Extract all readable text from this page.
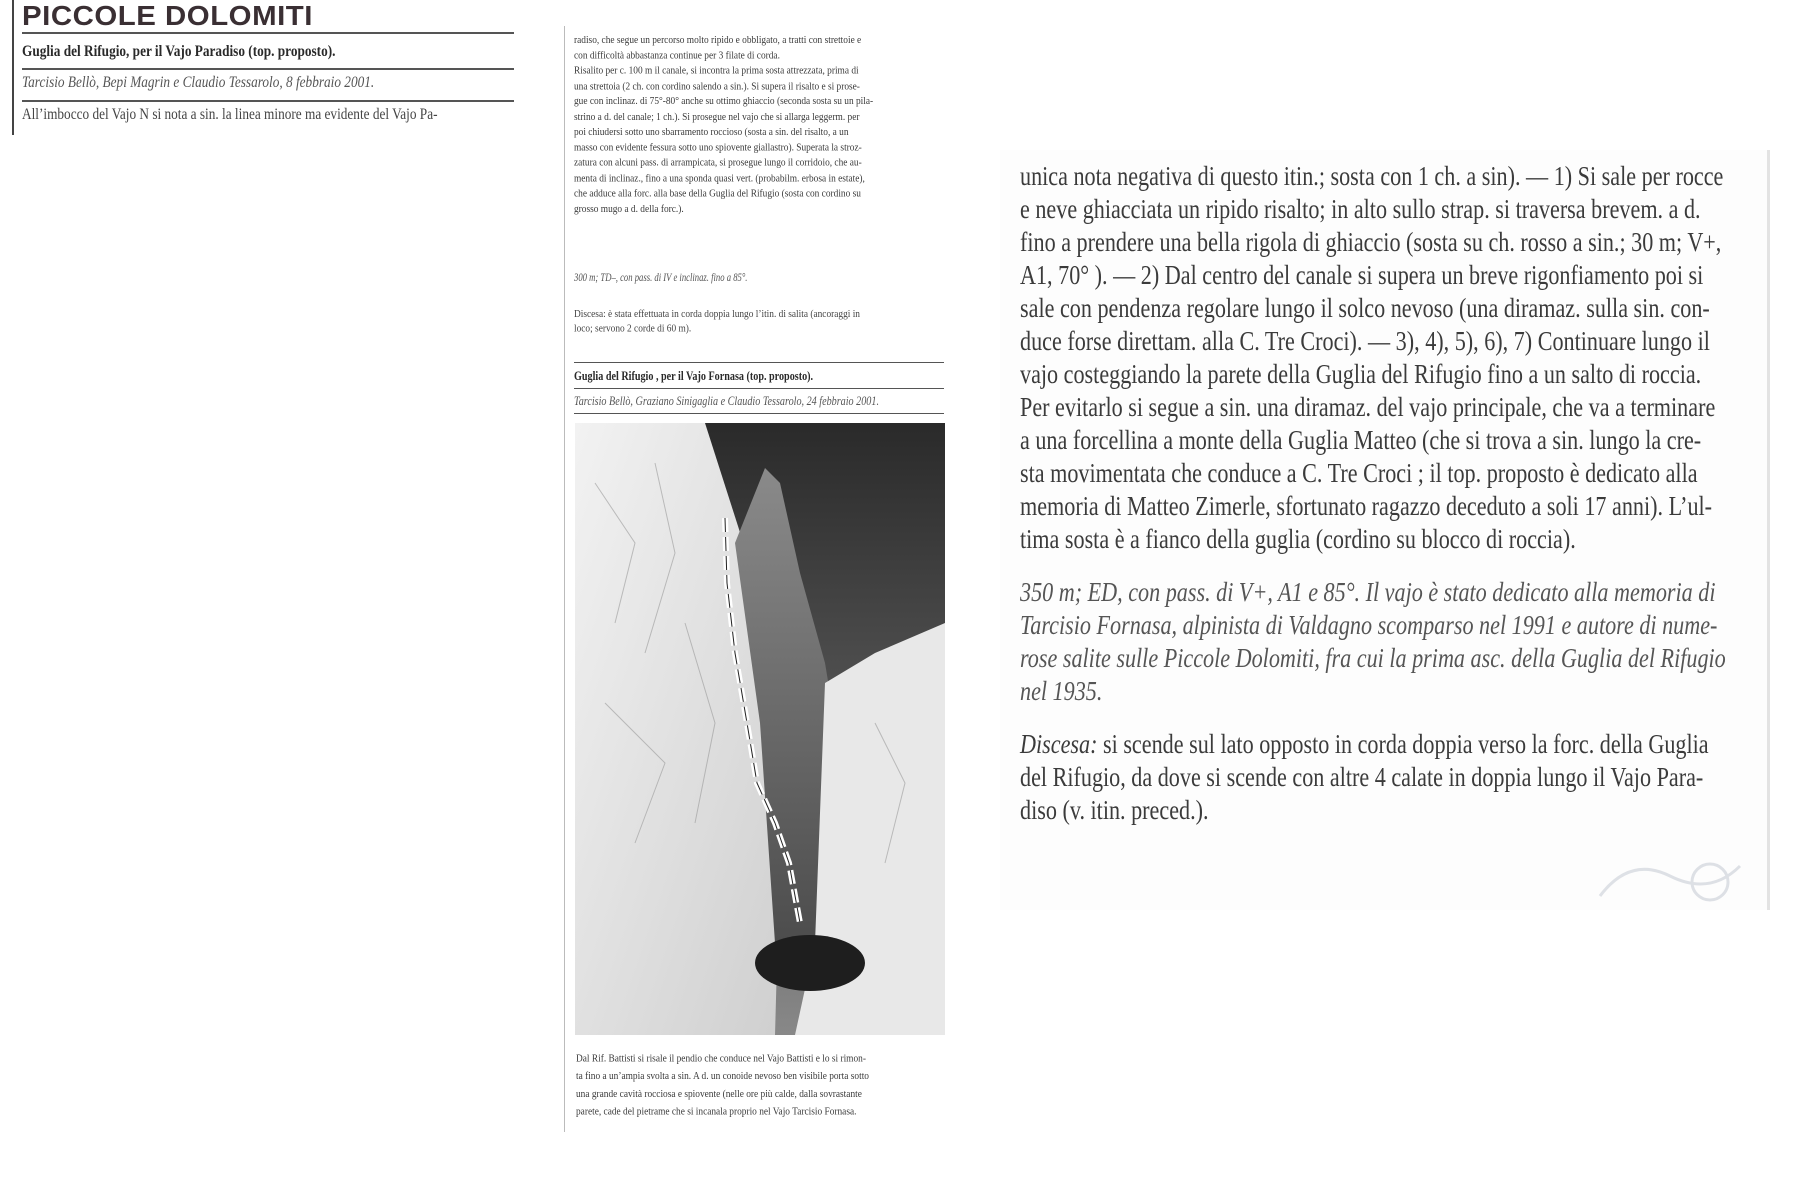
PICCOLE DOLOMITI
Guglia del Rifugio, per il Vajo Paradiso (top. proposto).
Tarcisio Bellò, Bepi Magrin e Claudio Tessarolo, 8 febbraio 2001.
All’imbocco del Vajo N si nota a sin. la linea minore ma evidente del Vajo Pa-
radiso, che segue un percorso molto ripido e obbligato, a tratti con strettoie e
con difficoltà abbastanza continue per 3 filate di corda.
Risalito per c. 100 m il canale, si incontra la prima sosta attrezzata, prima di
una strettoia (2 ch. con cordino salendo a sin.). Si supera il risalto e si prose-
gue con inclinaz. di 75°-80° anche su ottimo ghiaccio (seconda sosta su un pila-
strino a d. del canale; 1 ch.). Si prosegue nel vajo che si allarga leggerm. per
poi chiudersi sotto uno sbarramento roccioso (sosta a sin. del risalto, a un
masso con evidente fessura sotto uno spiovente giallastro). Superata la stroz-
zatura con alcuni pass. di arrampicata, si prosegue lungo il corridoio, che au-
menta di inclinaz., fino a una sponda quasi vert. (probabilm. erbosa in estate),
che adduce alla forc. alla base della Guglia del Rifugio (sosta con cordino su
grosso mugo a d. della forc.).
300 m; TD–, con pass. di IV e inclinaz. fino a 85°.
Discesa: è stata effettuata in corda doppia lungo l’itin. di salita (ancoraggi in
loco; servono 2 corde di 60 m).
Guglia del Rifugio , per il Vajo Fornasa (top. proposto).
Tarcisio Bellò, Graziano Sinigaglia e Claudio Tessarolo, 24 febbraio 2001.
Dal Rif. Battisti si risale il pendio che conduce nel Vajo Battisti e lo si rimon-
ta fino a un’ampia svolta a sin. A d. un conoide nevoso ben visibile porta sotto
una grande cavità rocciosa e spiovente (nelle ore più calde, dalla sovrastante
parete, cade del pietrame che si incanala proprio nel Vajo Tarcisio Fornasa.
unica nota negativa di questo itin.; sosta con 1 ch. a sin). — 1) Si sale per rocce
e neve ghiacciata un ripido risalto; in alto sullo strap. si traversa brevem. a d.
fino a prendere una bella rigola di ghiaccio (sosta su ch. rosso a sin.; 30 m; V+,
A1, 70° ). — 2) Dal centro del canale si supera un breve rigonfiamento poi si
sale con pendenza regolare lungo il solco nevoso (una diramaz. sulla sin. con-
duce forse direttam. alla C. Tre Croci). — 3), 4), 5), 6), 7) Continuare lungo il
vajo costeggiando la parete della Guglia del Rifugio fino a un salto di roccia.
Per evitarlo si segue a sin. una diramaz. del vajo principale, che va a terminare
a una forcellina a monte della Guglia Matteo (che si trova a sin. lungo la cre-
sta movimentata che conduce a C. Tre Croci ; il top. proposto è dedicato alla
memoria di Matteo Zimerle, sfortunato ragazzo deceduto a soli 17 anni). L’ul-
tima sosta è a fianco della guglia (cordino su blocco di roccia).
350 m; ED, con pass. di V+, A1 e 85°. Il vajo è stato dedicato alla memoria di
Tarcisio Fornasa, alpinista di Valdagno scomparso nel 1991 e autore di nume-
rose salite sulle Piccole Dolomiti, fra cui la prima asc. della Guglia del Rifugio
nel 1935.
Discesa: si scende sul lato opposto in corda doppia verso la forc. della Guglia
del Rifugio, da dove si scende con altre 4 calate in doppia lungo il Vajo Para-
diso (v. itin. preced.).
